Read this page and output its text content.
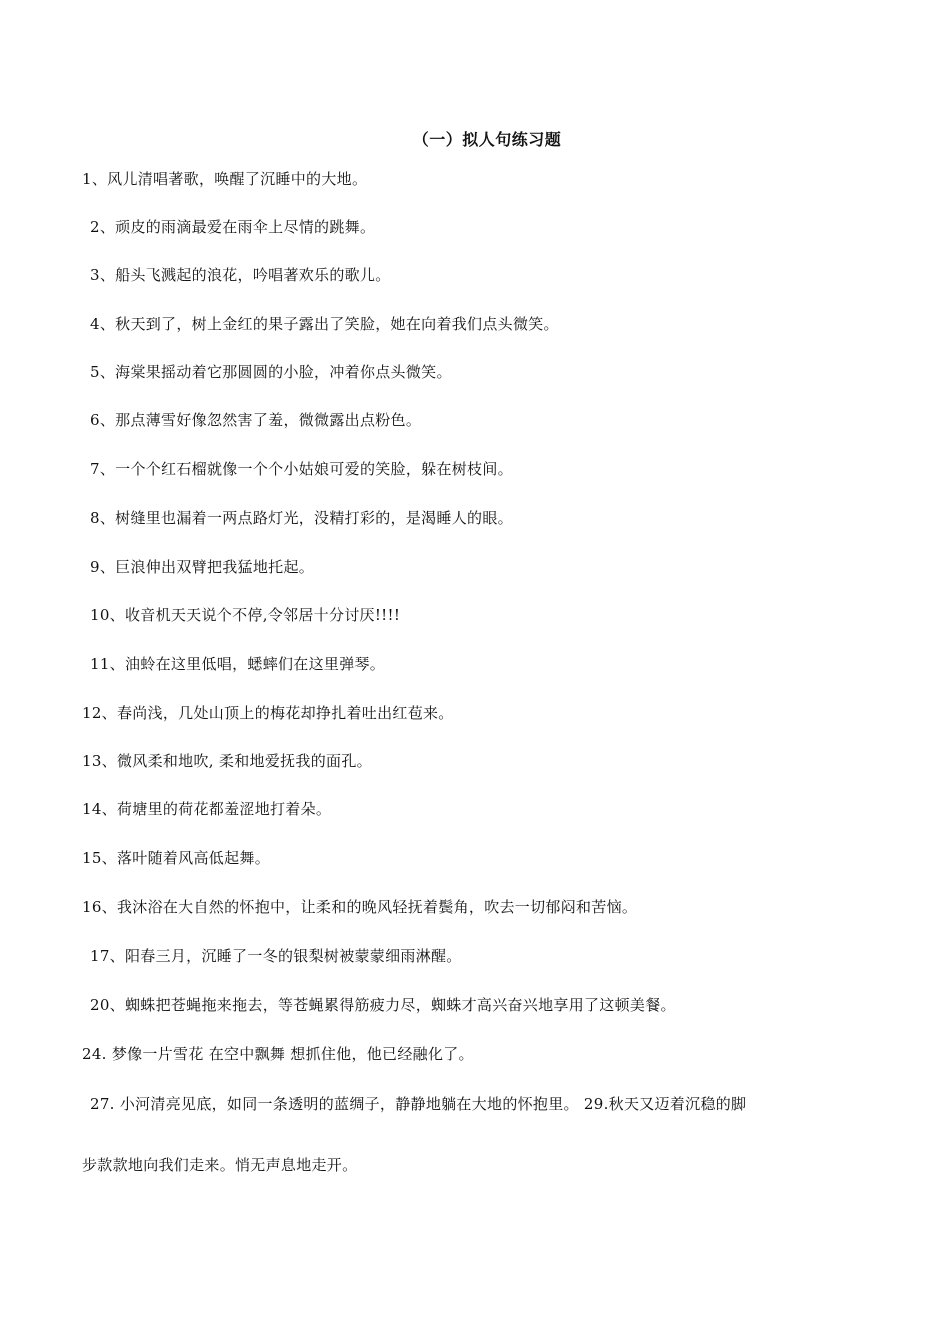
（一）拟人句练习题
1、风儿清唱著歌，唤醒了沉睡中的大地。
2、顽皮的雨滴最爱在雨伞上尽情的跳舞。
3、船头飞溅起的浪花，吟唱著欢乐的歌儿。
4、秋天到了，树上金红的果子露出了笑脸，她在向着我们点头微笑。
5、海棠果摇动着它那圆圆的小脸，冲着你点头微笑。
6、那点薄雪好像忽然害了羞，微微露出点粉色。
7、一个个红石榴就像一个个小姑娘可爱的笑脸，躲在树枝间。
8、树缝里也漏着一两点路灯光，没精打彩的，是渴睡人的眼。
9、巨浪伸出双臂把我猛地托起。
10、收音机天天说个不停,令邻居十分讨厌!!!!
11、油蛉在这里低唱，蟋蟀们在这里弹琴。
12、春尚浅，几处山顶上的梅花却挣扎着吐出红苞来。
13、微风柔和地吹, 柔和地爱抚我的面孔。
14、荷塘里的荷花都羞涩地打着朵。
15、落叶随着风高低起舞。
16、我沐浴在大自然的怀抱中，让柔和的晚风轻抚着鬓角，吹去一切郁闷和苦恼。
17、阳春三月，沉睡了一冬的银梨树被蒙蒙细雨淋醒。
20、蜘蛛把苍蝇拖来拖去，等苍蝇累得筋疲力尽，蜘蛛才高兴奋兴地享用了这顿美餐。
24. 梦像一片雪花 在空中飘舞 想抓住他，他已经融化了。
27. 小河清亮见底，如同一条透明的蓝绸子，静静地躺在大地的怀抱里。 29.秋天又迈着沉稳的脚
步款款地向我们走来。悄无声息地走开。
